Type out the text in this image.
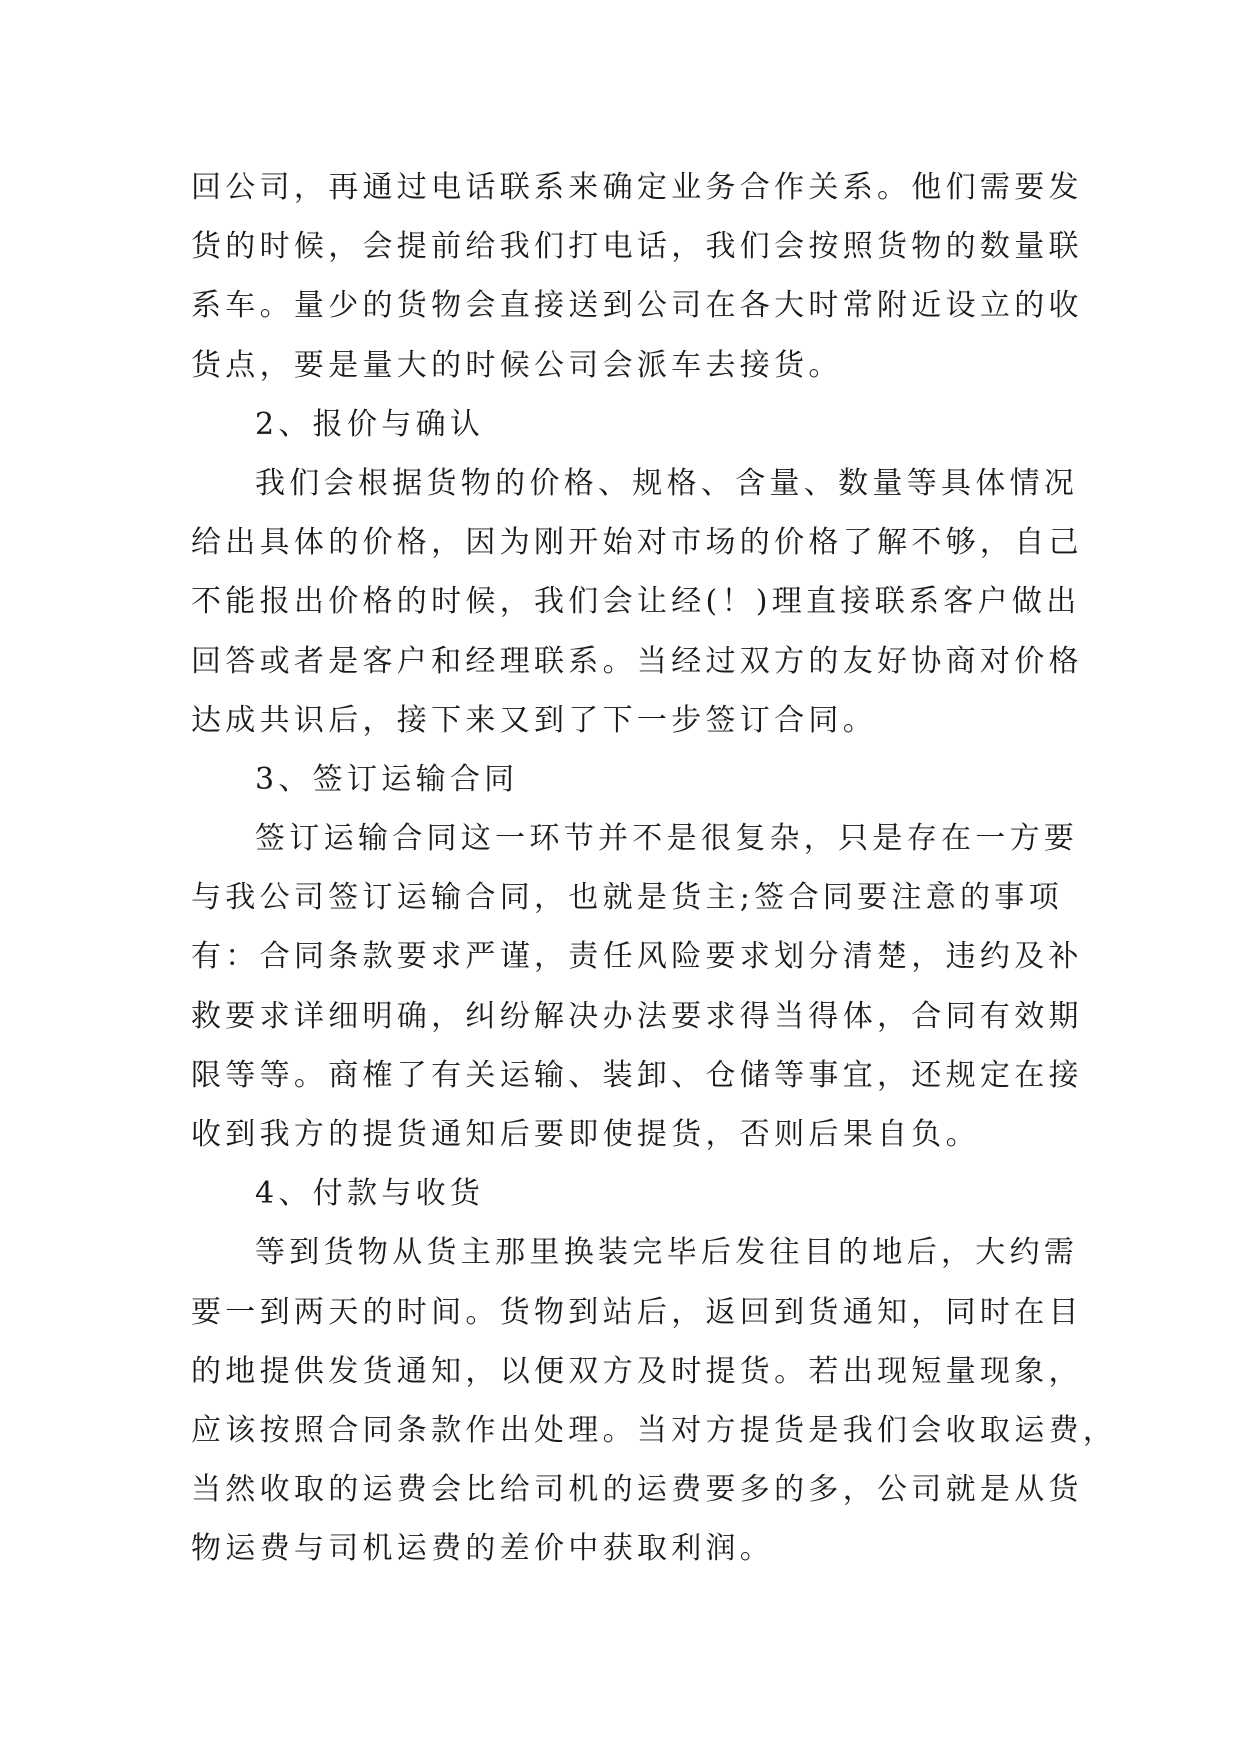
回公司，再通过电话联系来确定业务合作关系。他们需要发
货的时候，会提前给我们打电话，我们会按照货物的数量联
系车。量少的货物会直接送到公司在各大时常附近设立的收
货点，要是量大的时候公司会派车去接货。
2、报价与确认
我们会根据货物的价格、规格、含量、数量等具体情况
给出具体的价格，因为刚开始对市场的价格了解不够，自己
不能报出价格的时候，我们会让经(！)理直接联系客户做出
回答或者是客户和经理联系。当经过双方的友好协商对价格
达成共识后，接下来又到了下一步签订合同。
3、签订运输合同
签订运输合同这一环节并不是很复杂，只是存在一方要
与我公司签订运输合同，也就是货主;签合同要注意的事项
有：合同条款要求严谨，责任风险要求划分清楚，违约及补
救要求详细明确，纠纷解决办法要求得当得体，合同有效期
限等等。商榷了有关运输、装卸、仓储等事宜，还规定在接
收到我方的提货通知后要即使提货，否则后果自负。
4、付款与收货
等到货物从货主那里换装完毕后发往目的地后，大约需
要一到两天的时间。货物到站后，返回到货通知，同时在目
的地提供发货通知，以便双方及时提货。若出现短量现象，
应该按照合同条款作出处理。当对方提货是我们会收取运费，
当然收取的运费会比给司机的运费要多的多，公司就是从货
物运费与司机运费的差价中获取利润。
